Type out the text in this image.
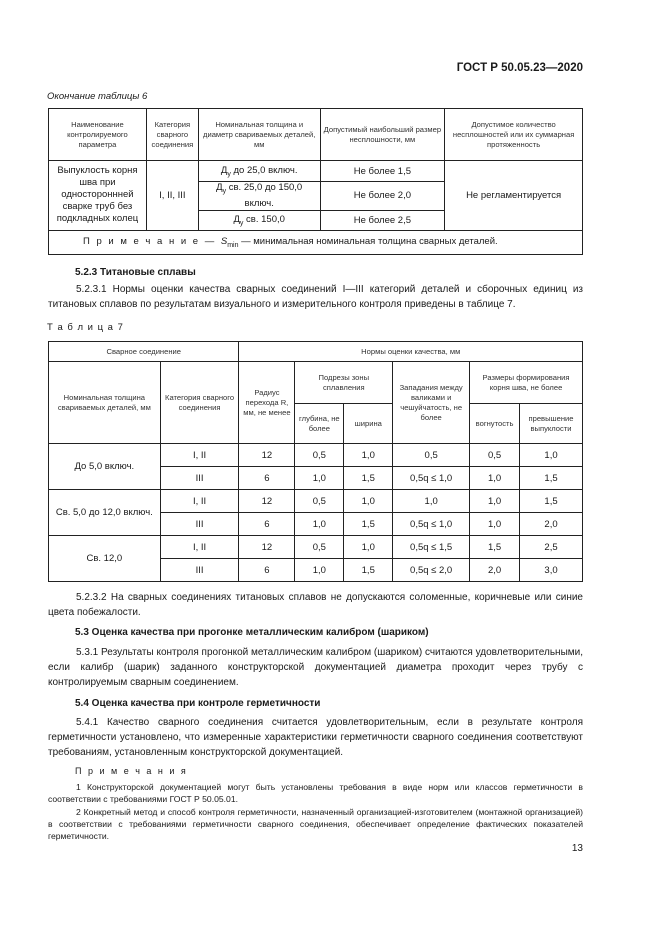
ГОСТ Р 50.05.23—2020
Окончание таблицы 6
Наименование контролируемого параметра	Категория сварного соединения	Номинальная толщина и диаметр свариваемых деталей, мм	Допустимый наибольший размер несплошности, мм	Допустимое количество несплошностей или их суммарная протяженность
Выпуклость корня шва при одностороннней сварке труб без подкладных колец	I, II, III	$Д_у$ до 25,0 включ.	Не более 1,5	Не регламентируется
		$Д_у$ св. 25,0 до 150,0 включ.	Не более 2,0	
		$Д_у$ св. 150,0	Не более 2,5	
П р и м е ч а н и е — $S_{min}$ — минимальная номинальная толщина сварных деталей.				
5.2.3 Титановые сплавы
5.2.3.1 Нормы оценки качества сварных соединений I—III категорий деталей и сборочных единиц из титановых сплавов по результатам визуального и измерительного контроля приведены в таблице 7.
Т а б л и ц а 7
Сварное соединение		Нормы оценки качества, мм					
Номинальная толщина свариваемых деталей, мм	Категория сварного соединения	Радиус перехода R, мм, не менее	Подрезы зоны сплавления		Западания между валиками и чешуйчатость, не более	Размеры формирования корня шва, не более	
			глубина, не более	ширина		вогнутость	превышение выпуклости
До 5,0 включ.	I, II	12	0,5	1,0	0,5	0,5	1,0
	III	6	1,0	1,5	0,5q ≤ 1,0	1,0	1,5
Св. 5,0 до 12,0 включ.	I, II	12	0,5	1,0	1,0	1,0	1,5
	III	6	1,0	1,5	0,5q ≤ 1,0	1,0	2,0
Св. 12,0	I, II	12	0,5	1,0	0,5q ≤ 1,5	1,5	2,5
	III	6	1,0	1,5	0,5q ≤ 2,0	2,0	3,0
5.2.3.2 На сварных соединениях титановых сплавов не допускаются соломенные, коричневые или синие цвета побежалости.
5.3 Оценка качества при прогонке металлическим калибром (шариком)
5.3.1 Результаты контроля прогонкой металлическим калибром (шариком) считаются удовлетворительными, если калибр (шарик) заданного конструкторской документацией диаметра проходит через трубу с контролируемым сварным соединением.
5.4 Оценка качества при контроле герметичности
5.4.1 Качество сварного соединения считается удовлетворительным, если в результате контроля герметичности установлено, что измеренные характеристики герметичности сварного соединения соответствуют требованиям, установленным конструкторской документацией.
П р и м е ч а н и я
1 Конструкторской документацией могут быть установлены требования в виде норм или классов герметичности в соответствии с требованиями ГОСТ Р 50.05.01.
2 Конкретный метод и способ контроля герметичности, назначенный организацией-изготовителем (монтажной организацией) в соответствии с требованиями герметичности сварного соединения, обеспечивает определение фактических показателей герметичности.
13
